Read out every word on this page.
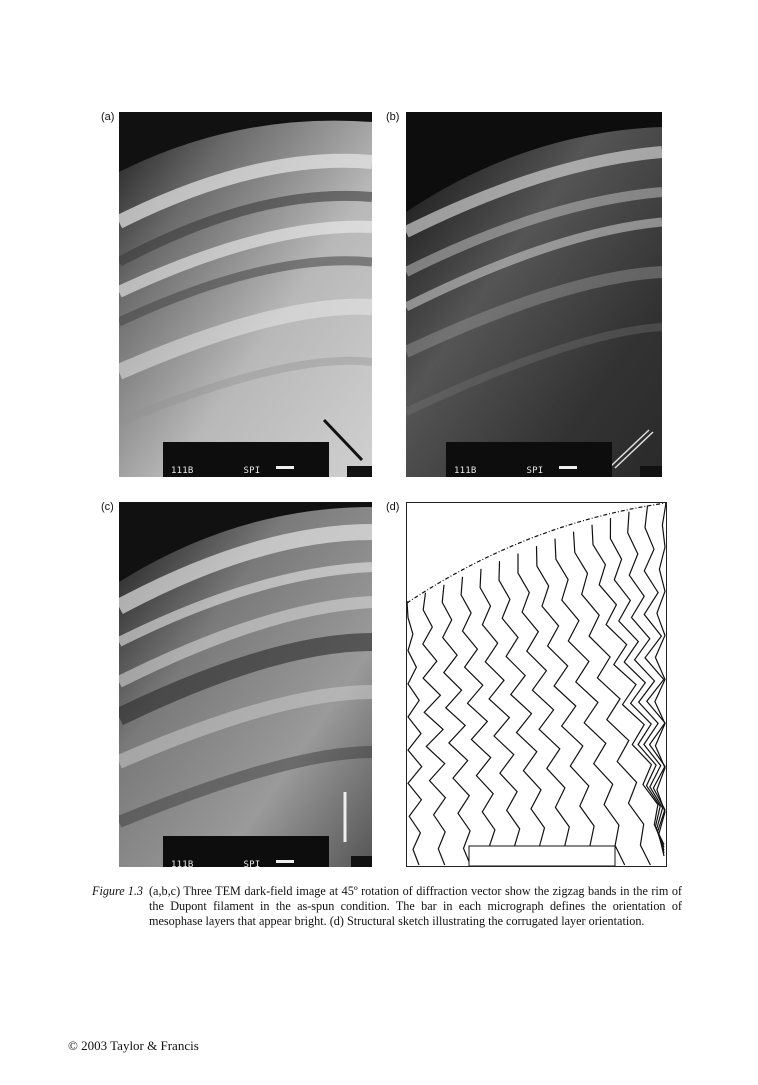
(a)

111B	SPI

(b)

111B	SPI

(c)

111B	SPI

(d)
Figure 1.3 (a,b,c) Three TEM dark-field image at 45º rotation of diffraction vector show the zigzag bands in the rim of the Dupont filament in the as-spun condition. The bar in each micrograph defines the orientation of mesophase layers that appear bright. (d) Structural sketch illustrating the corrugated layer orientation.
© 2003 Taylor & Francis
